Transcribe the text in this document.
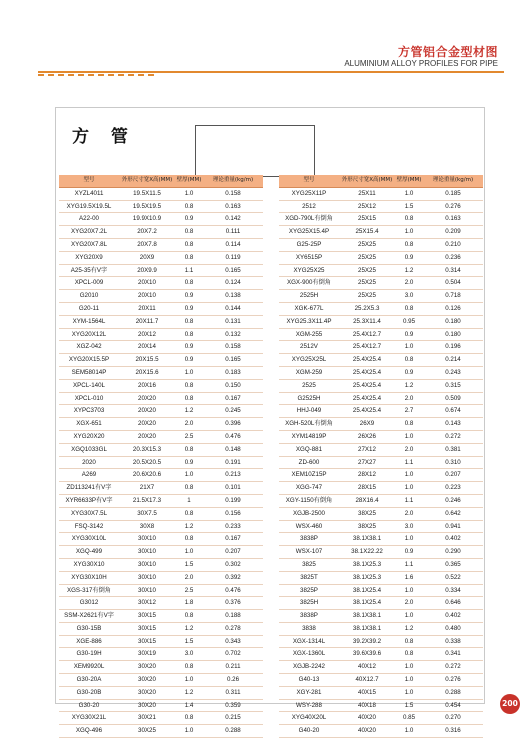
方管铝合金型材图
ALUMINIUM ALLOY PROFILES FOR PIPE
方 管
型号	外形尺寸宽X高(MM)	壁厚(MM)	理论重量(kg/m)
XYZL4011	19.5X11.5	1.0	0.158
XYG19.5X19.5L	19.5X19.5	0.8	0.163
A22-00	19.9X10.9	0.9	0.142
XYG20X7.2L	20X7.2	0.8	0.111
XYG20X7.8L	20X7.8	0.8	0.114
XYG20X9	20X9	0.8	0.119
A25-35有V字	20X9.9	1.1	0.165
XPCL-009	20X10	0.8	0.124
G2010	20X10	0.9	0.138
G20-11	20X11	0.9	0.144
XYM-1564L	20X11.7	0.8	0.131
XYG20X12L	20X12	0.8	0.132
XGZ-042	20X14	0.9	0.158
XYG20X15.5P	20X15.5	0.9	0.165
SEM58014P	20X15.6	1.0	0.183
XPCL-140L	20X16	0.8	0.150
XPCL-010	20X20	0.8	0.167
XYPC3703	20X20	1.2	0.245
XGX-651	20X20	2.0	0.396
XYG20X20	20X20	2.5	0.476
XGQ1033GL	20.3X15.3	0.8	0.148
2020	20.5X20.5	0.9	0.191
A269	20.6X20.6	1.0	0.213
ZD113241有V字	21X7	0.8	0.101
XYR6633P有V字	21.5X17.3	1	0.199
XYG30X7.5L	30X7.5	0.8	0.156
FSQ-3142	30X8	1.2	0.233
XYG30X10L	30X10	0.8	0.167
XGQ-499	30X10	1.0	0.207
XYG30X10	30X10	1.5	0.302
XYG30X10H	30X10	2.0	0.392
XGS-317有倒角	30X10	2.5	0.476
G3012	30X12	1.8	0.376
SSM-X2621有V字	30X15	0.8	0.188
G30-15B	30X15	1.2	0.278
XGE-886	30X15	1.5	0.343
G30-19H	30X19	3.0	0.702
XEM9920L	30X20	0.8	0.211
G30-20A	30X20	1.0	0.26
G30-20B	30X20	1.2	0.311
G30-20	30X20	1.4	0.359
XYG30X21L	30X21	0.8	0.215
XGQ-496	30X25	1.0	0.288
型号	外形尺寸宽X高(MM)	壁厚(MM)	理论重量(kg/m)
XYG25X11P	25X11	1.0	0.185
2512	25X12	1.5	0.276
XGD-790L有倒角	25X15	0.8	0.163
XYG25X15.4P	25X15.4	1.0	0.209
G25-25P	25X25	0.8	0.210
XY6515P	25X25	0.9	0.236
XYG25X25	25X25	1.2	0.314
XGX-900有倒角	25X25	2.0	0.504
2525H	25X25	3.0	0.718
XGK-677L	25.2X5.3	0.8	0.126
XYG25.3X11.4P	25.3X11.4	0.95	0.180
XGM-255	25.4X12.7	0.9	0.180
2512V	25.4X12.7	1.0	0.196
XYG25X25L	25.4X25.4	0.8	0.214
XGM-259	25.4X25.4	0.9	0.243
2525	25.4X25.4	1.2	0.315
G2525H	25.4X25.4	2.0	0.509
HHJ-049	25.4X25.4	2.7	0.674
XGH-520L有倒角	26X9	0.8	0.143
XYM14819P	26X26	1.0	0.272
XGQ-881	27X12	2.0	0.381
ZD-600	27X27	1.1	0.310
XEM10Z15P	28X12	1.0	0.207
XGG-747	28X15	1.0	0.223
XGY-1150有倒角	28X16.4	1.1	0.246
XGJB-2500	38X25	2.0	0.642
WSX-460	38X25	3.0	0.941
3838P	38.1X38.1	1.0	0.402
WSX-107	38.1X22.22	0.9	0.290
3825	38.1X25.3	1.1	0.365
3825T	38.1X25.3	1.6	0.522
3825P	38.1X25.4	1.0	0.334
3825H	38.1X25.4	2.0	0.646
3838P	38.1X38.1	1.0	0.402
3838	38.1X38.1	1.2	0.480
XGX-1314L	39.2X39.2	0.8	0.338
XGX-1360L	39.6X39.6	0.8	0.341
XGJB-2242	40X12	1.0	0.272
G40-13	40X12.7	1.0	0.276
XGY-281	40X15	1.0	0.288
WSY-288	40X18	1.5	0.454
XYG40X20L	40X20	0.85	0.270
G40-20	40X20	1.0	0.316
200
